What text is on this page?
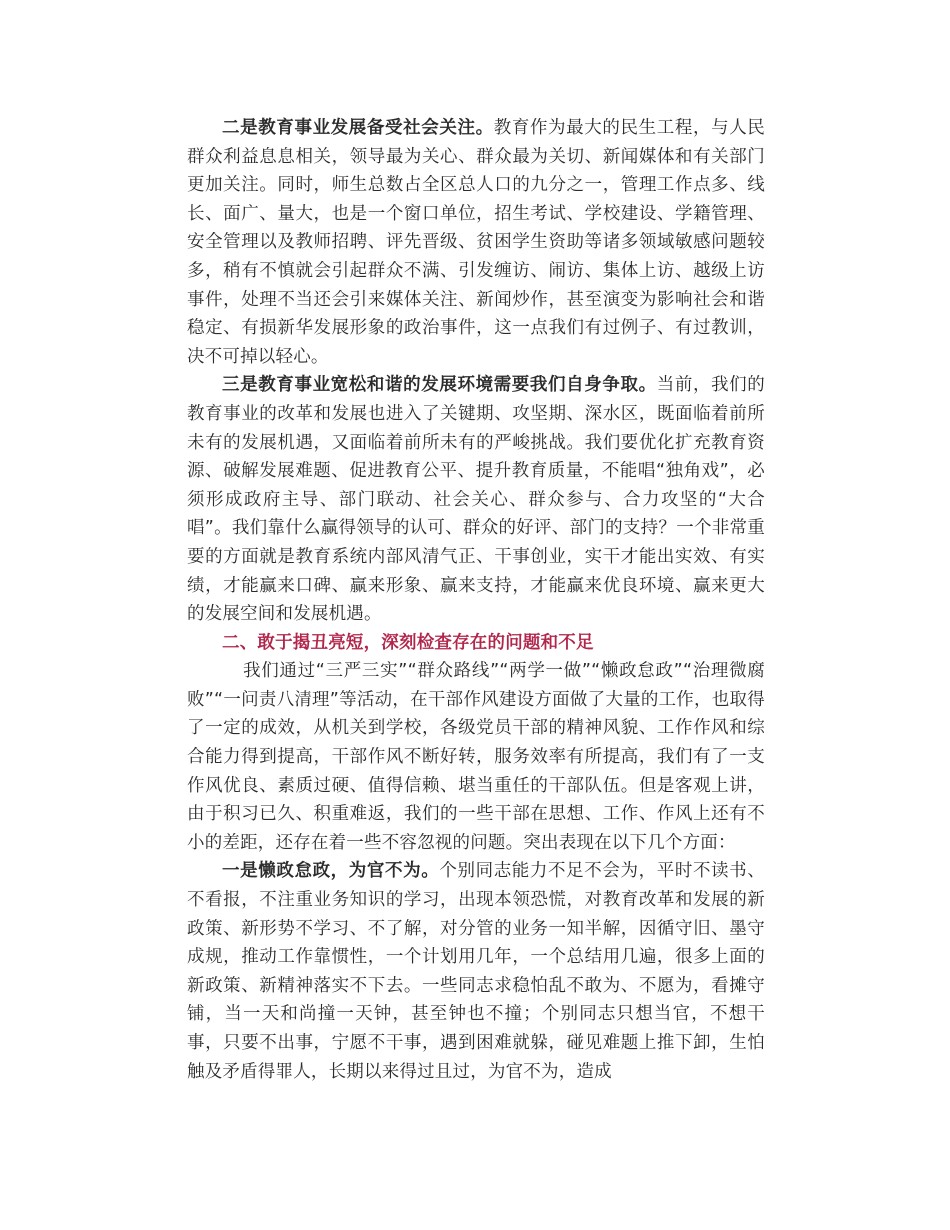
二是教育事业发展备受社会关注。教育作为最大的民生工程，与人民群众利益息息相关，领导最为关心、群众最为关切、新闻媒体和有关部门更加关注。同时，师生总数占全区总人口的九分之一，管理工作点多、线长、面广、量大，也是一个窗口单位，招生考试、学校建设、学籍管理、安全管理以及教师招聘、评先晋级、贫困学生资助等诸多领域敏感问题较多，稍有不慎就会引起群众不满、引发缠访、闹访、集体上访、越级上访事件，处理不当还会引来媒体关注、新闻炒作，甚至演变为影响社会和谐稳定、有损新华发展形象的政治事件，这一点我们有过例子、有过教训，决不可掉以轻心。

三是教育事业宽松和谐的发展环境需要我们自身争取。当前，我们的教育事业的改革和发展也进入了关键期、攻坚期、深水区，既面临着前所未有的发展机遇，又面临着前所未有的严峻挑战。我们要优化扩充教育资源、破解发展难题、促进教育公平、提升教育质量，不能唱“独角戏”，必须形成政府主导、部门联动、社会关心、群众参与、合力攻坚的“大合唱”。我们靠什么赢得领导的认可、群众的好评、部门的支持？一个非常重要的方面就是教育系统内部风清气正、干事创业，实干才能出实效、有实绩，才能赢来口碑、赢来形象、赢来支持，才能赢来优良环境、赢来更大的发展空间和发展机遇。

二、敢于揭丑亮短，深刻检查存在的问题和不足

我们通过“三严三实”“群众路线”“两学一做”“懒政怠政”“治理微腐败”“一问责八清理”等活动，在干部作风建设方面做了大量的工作，也取得了一定的成效，从机关到学校，各级党员干部的精神风貌、工作作风和综合能力得到提高，干部作风不断好转，服务效率有所提高，我们有了一支作风优良、素质过硬、值得信赖、堪当重任的干部队伍。但是客观上讲，由于积习已久、积重难返，我们的一些干部在思想、工作、作风上还有不小的差距，还存在着一些不容忽视的问题。突出表现在以下几个方面：

一是懒政怠政，为官不为。个别同志能力不足不会为，平时不读书、不看报，不注重业务知识的学习，出现本领恐慌，对教育改革和发展的新政策、新形势不学习、不了解，对分管的业务一知半解，因循守旧、墨守成规，推动工作靠惯性，一个计划用几年，一个总结用几遍，很多上面的新政策、新精神落实不下去。一些同志求稳怕乱不敢为、不愿为，看摊守铺，当一天和尚撞一天钟，甚至钟也不撞；个别同志只想当官，不想干事，只要不出事，宁愿不干事，遇到困难就躲，碰见难题上推下卸，生怕触及矛盾得罪人，长期以来得过且过，为官不为，造成
